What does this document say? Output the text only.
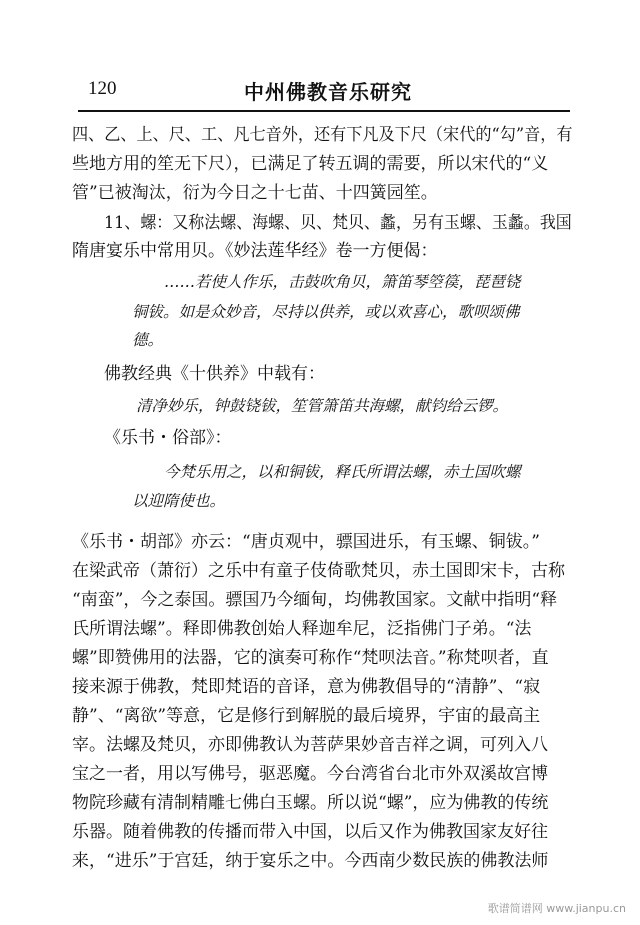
120	中州佛教音乐研究
四、乙、上、尺、工、凡七音外，还有下凡及下尺（宋代的“勾”音，有
些地方用的笙无下尺），已满足了转五调的需要，所以宋代的“义
管”已被淘汰，衍为今日之十七苗、十四簧园笙。
11、螺：又称法螺、海螺、贝、梵贝、蠡，另有玉螺、玉蠡。我国
隋唐宴乐中常用贝。《妙法莲华经》卷一方便偈：
……若使人作乐，击鼓吹角贝，箫笛琴箜篌，琵琶铙
铜钹。如是众妙音，尽持以供养，或以欢喜心，歌呗颂佛
德。
佛教经典《十供养》中载有：
清净妙乐，钟鼓铙钹，笙管箫笛共海螺，献钧给云锣。
《乐书・俗部》：
今梵乐用之，以和铜钹，释氏所谓法螺，赤土国吹螺
以迎隋使也。
《乐书・胡部》亦云：“唐贞观中，骠国进乐，有玉螺、铜钹。”
在梁武帝（萧衍）之乐中有童子伎倚歌梵贝，赤土国即宋卡，古称
“南蛮”，今之泰国。骠国乃今缅甸，均佛教国家。文献中指明“释
氏所谓法螺”。释即佛教创始人释迦牟尼，泛指佛门子弟。“法
螺”即赞佛用的法器，它的演奏可称作“梵呗法音。”称梵呗者，直
接来源于佛教，梵即梵语的音译，意为佛教倡导的“清静”、“寂
静”、“离欲”等意，它是修行到解脱的最后境界，宇宙的最高主
宰。法螺及梵贝，亦即佛教认为菩萨果妙音吉祥之调，可列入八
宝之一者，用以写佛号，驱恶魔。今台湾省台北市外双溪故宫博
物院珍藏有清制精雕七佛白玉螺。所以说“螺”，应为佛教的传统
乐器。随着佛教的传播而带入中国，以后又作为佛教国家友好往
来，“进乐”于宫廷，纳于宴乐之中。今西南少数民族的佛教法师
歌谱简谱网 www.jianpu.cn
